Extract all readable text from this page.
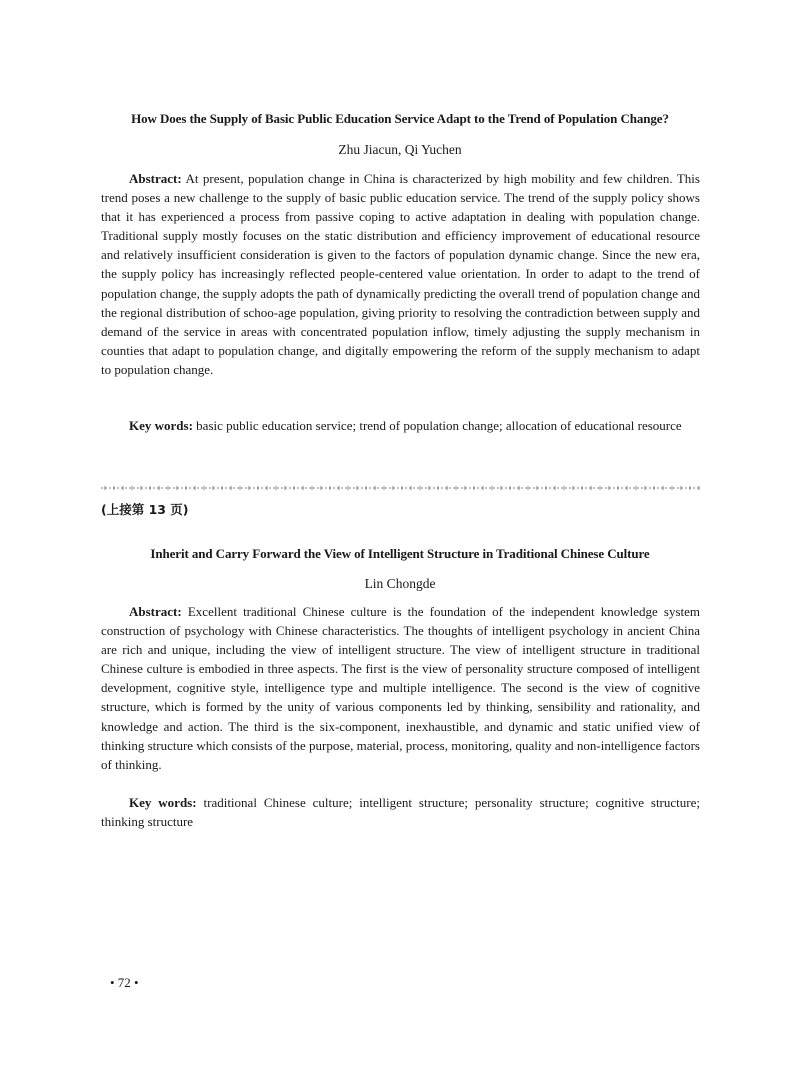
How Does the Supply of Basic Public Education Service Adapt to the Trend of Population Change?
Zhu Jiacun, Qi Yuchen

Abstract: At present, population change in China is characterized by high mobility and few children. This trend poses a new challenge to the supply of basic public education service. The trend of the supply policy shows that it has experienced a process from passive coping to active adaptation in dealing with population change. Traditional supply mostly focuses on the static distribution and efficiency improvement of educational resource and relatively insufficient consideration is given to the factors of population dynamic change. Since the new era, the supply policy has increasingly reflected people-centered value orientation. In order to adapt to the trend of population change, the supply adopts the path of dynamically predicting the overall trend of population change and the regional distribution of schoo-age population, giving priority to resolving the contradiction between supply and demand of the service in areas with concentrated population inflow, timely adjusting the supply mechanism in counties that adapt to population change, and digitally empowering the reform of the supply mechanism to adapt to population change.

Key words: basic public education service; trend of population change; allocation of educational resource

(上接第 13 页)
Inherit and Carry Forward the View of Intelligent Structure in Traditional Chinese Culture
Lin Chongde

Abstract: Excellent traditional Chinese culture is the foundation of the independent knowledge system construction of psychology with Chinese characteristics. The thoughts of intelligent psychology in ancient China are rich and unique, including the view of intelligent structure. The view of intelligent structure in traditional Chinese culture is embodied in three aspects. The first is the view of personality structure composed of intelligent development, cognitive style, intelligence type and multiple intelligence. The second is the view of cognitive structure, which is formed by the unity of various components led by thinking, sensibility and rationality, and knowledge and action. The third is the six-component, inexhaustible, and dynamic and static unified view of thinking structure which consists of the purpose, material, process, monitoring, quality and non-intelligence factors of thinking.

Key words: traditional Chinese culture; intelligent structure; personality structure; cognitive structure; thinking structure

• 72 •
